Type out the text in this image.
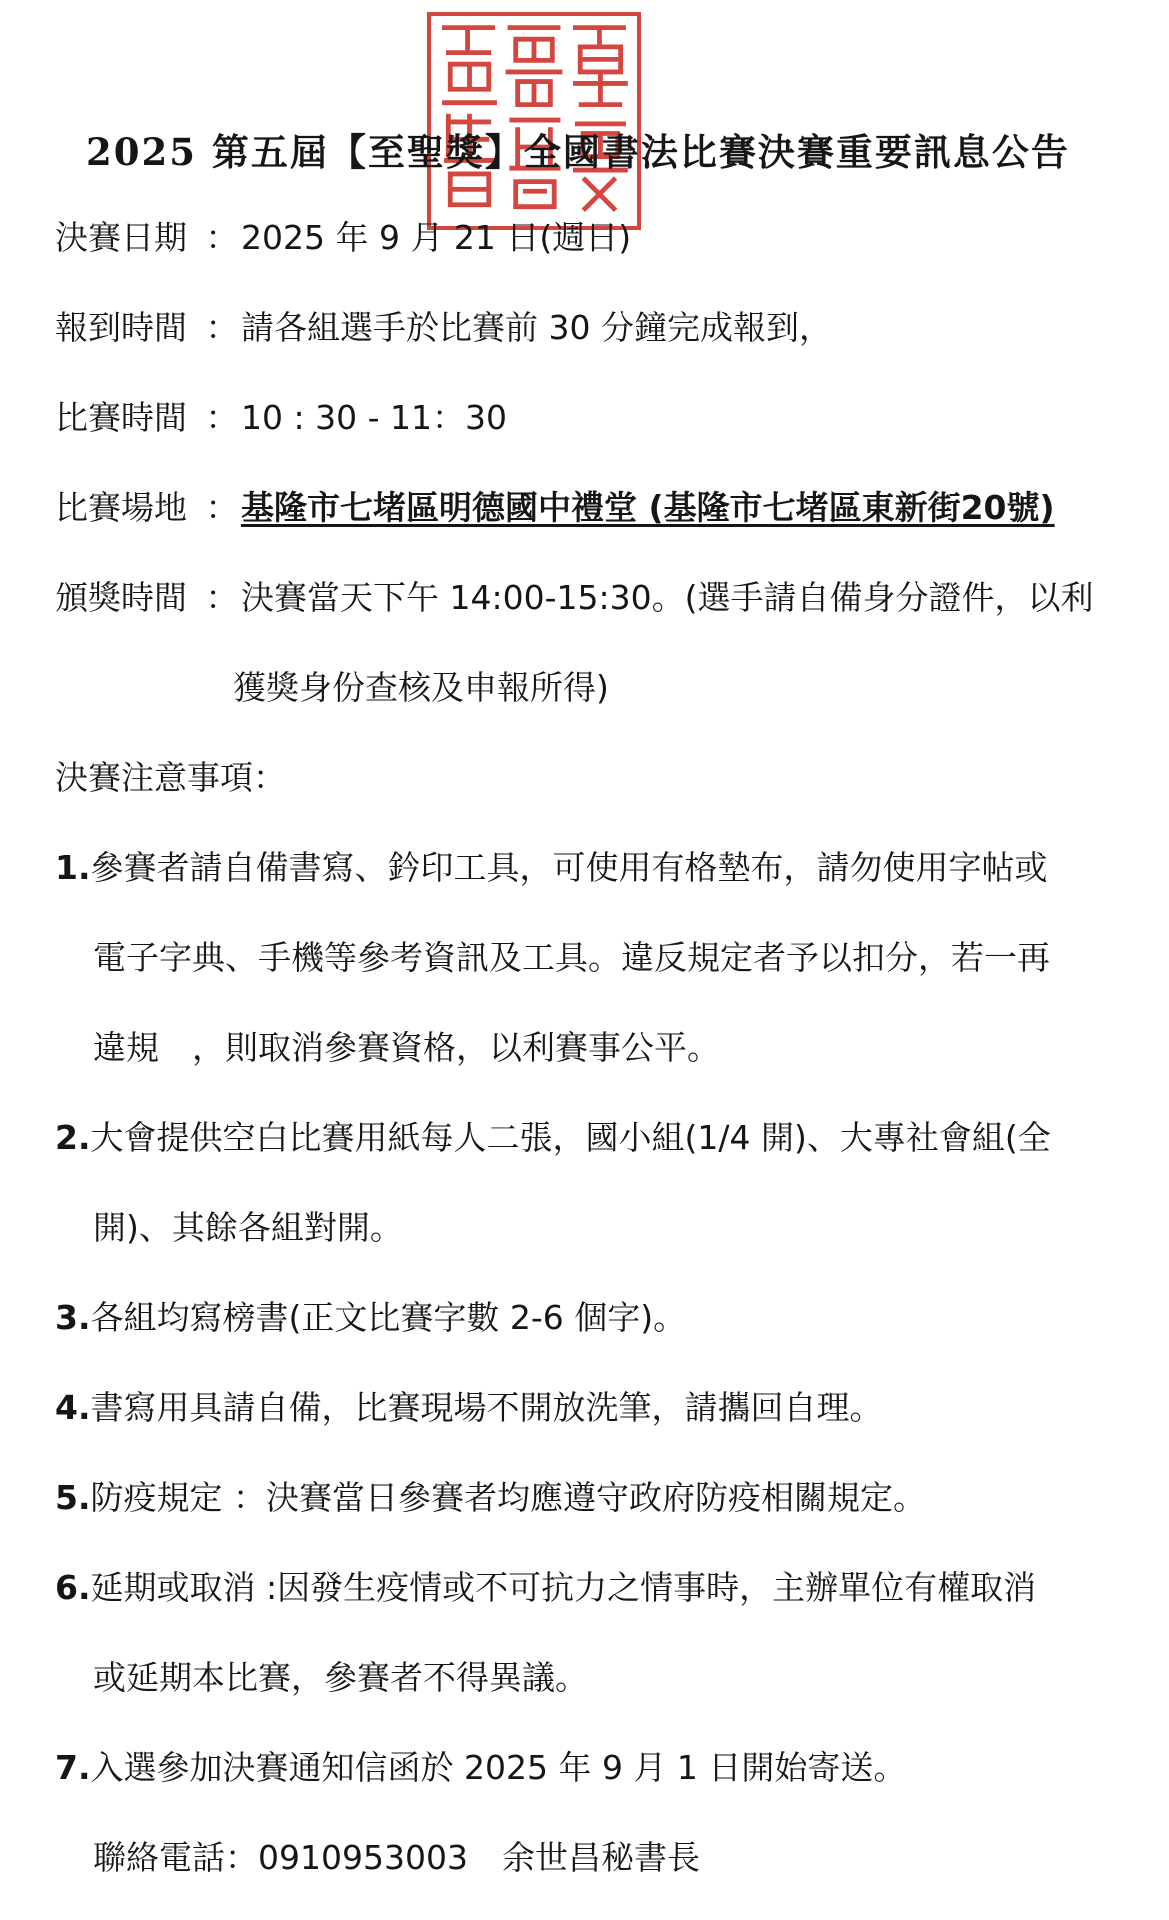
2025 第五屆【至聖獎】全國書法比賽決賽重要訊息公告
決賽日期 ：2025 年 9 月 21 日(週日)
報到時間 ：請各組選手於比賽前 30 分鐘完成報到，
比賽時間 ：10 : 30 - 11：30
比賽場地 ：基隆市七堵區明德國中禮堂 (基隆市七堵區東新街20號)
頒獎時間 ：決賽當天下午 14:00-15:30。(選手請自備身分證件，以利
獲獎身份查核及申報所得)
決賽注意事項：
1.參賽者請自備書寫、鈐印工具，可使用有格墊布，請勿使用字帖或
電子字典、手機等參考資訊及工具。違反規定者予以扣分，若一再
違規　，則取消參賽資格，以利賽事公平。
2.大會提供空白比賽用紙每人二張，國小組(1/4 開)、大專社會組(全
開)、其餘各組對開。
3.各組均寫榜書(正文比賽字數 2-6 個字)。
4.書寫用具請自備，比賽現場不開放洗筆，請攜回自理。
5.防疫規定 ：決賽當日參賽者均應遵守政府防疫相關規定。
6.延期或取消 :因發生疫情或不可抗力之情事時，主辦單位有權取消
或延期本比賽，參賽者不得異議。
7.入選參加決賽通知信函於 2025 年 9 月 1 日開始寄送。
聯絡電話：0910953003 余世昌秘書長
